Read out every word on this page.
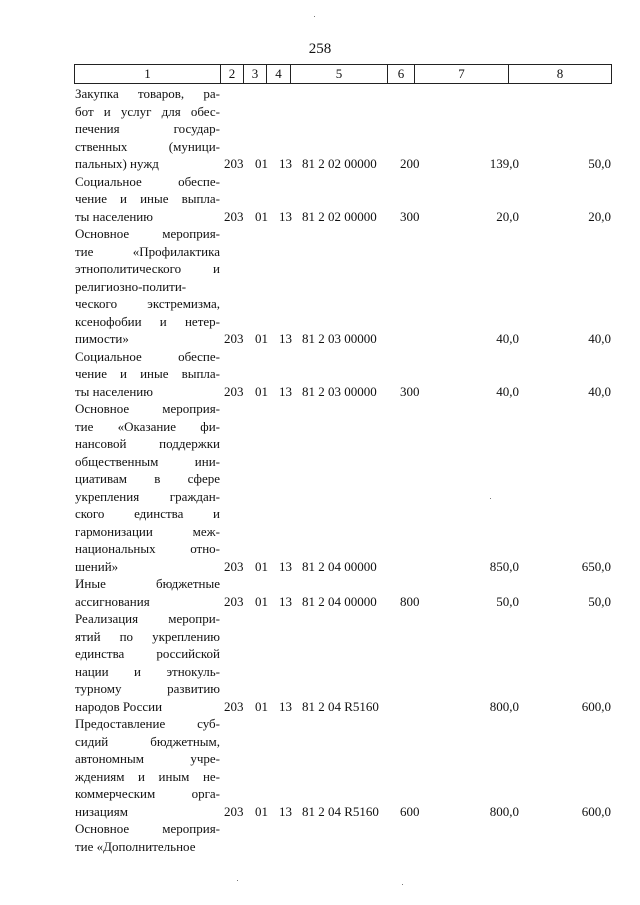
258
1	2	3	4	5	6	7	8
Закупка товаров, ра-
бот и услуг для обес-
печения государ-
ственных (муници-
пальных) нужд	203 01 13 81 2 02 00000 200	139,0	50,0
Социальное обеспе-
чение и иные выпла-
ты населению	203 01 13 81 2 02 00000 300	20,0	20,0
Основное мероприя-
тие «Профилактика
этнополитического и
религиозно-полити-
ческого экстремизма,
ксенофобии и нетер-
пимости»	203 01 13 81 2 03 00000	40,0	40,0
Социальное обеспе-
чение и иные выпла-
ты населению	203 01 13 81 2 03 00000 300	40,0	40,0
Основное мероприя-
тие «Оказание фи-
нансовой поддержки
общественным ини-
циативам в сфере
укрепления граждан-
ского единства и
гармонизации меж-
национальных отно-
шений»	203 01 13 81 2 04 00000	850,0	650,0
Иные бюджетные
ассигнования	203 01 13 81 2 04 00000 800	50,0	50,0
Реализация меропри-
ятий по укреплению
единства российской
нации и этнокуль-
турному развитию
народов России	203 01 13 81 2 04 R5160	800,0	600,0
Предоставление суб-
сидий бюджетным,
автономным учре-
ждениям и иным не-
коммерческим орга-
низациям	203 01 13 81 2 04 R5160 600	800,0	600,0
Основное мероприя-
тие «Дополнительное
